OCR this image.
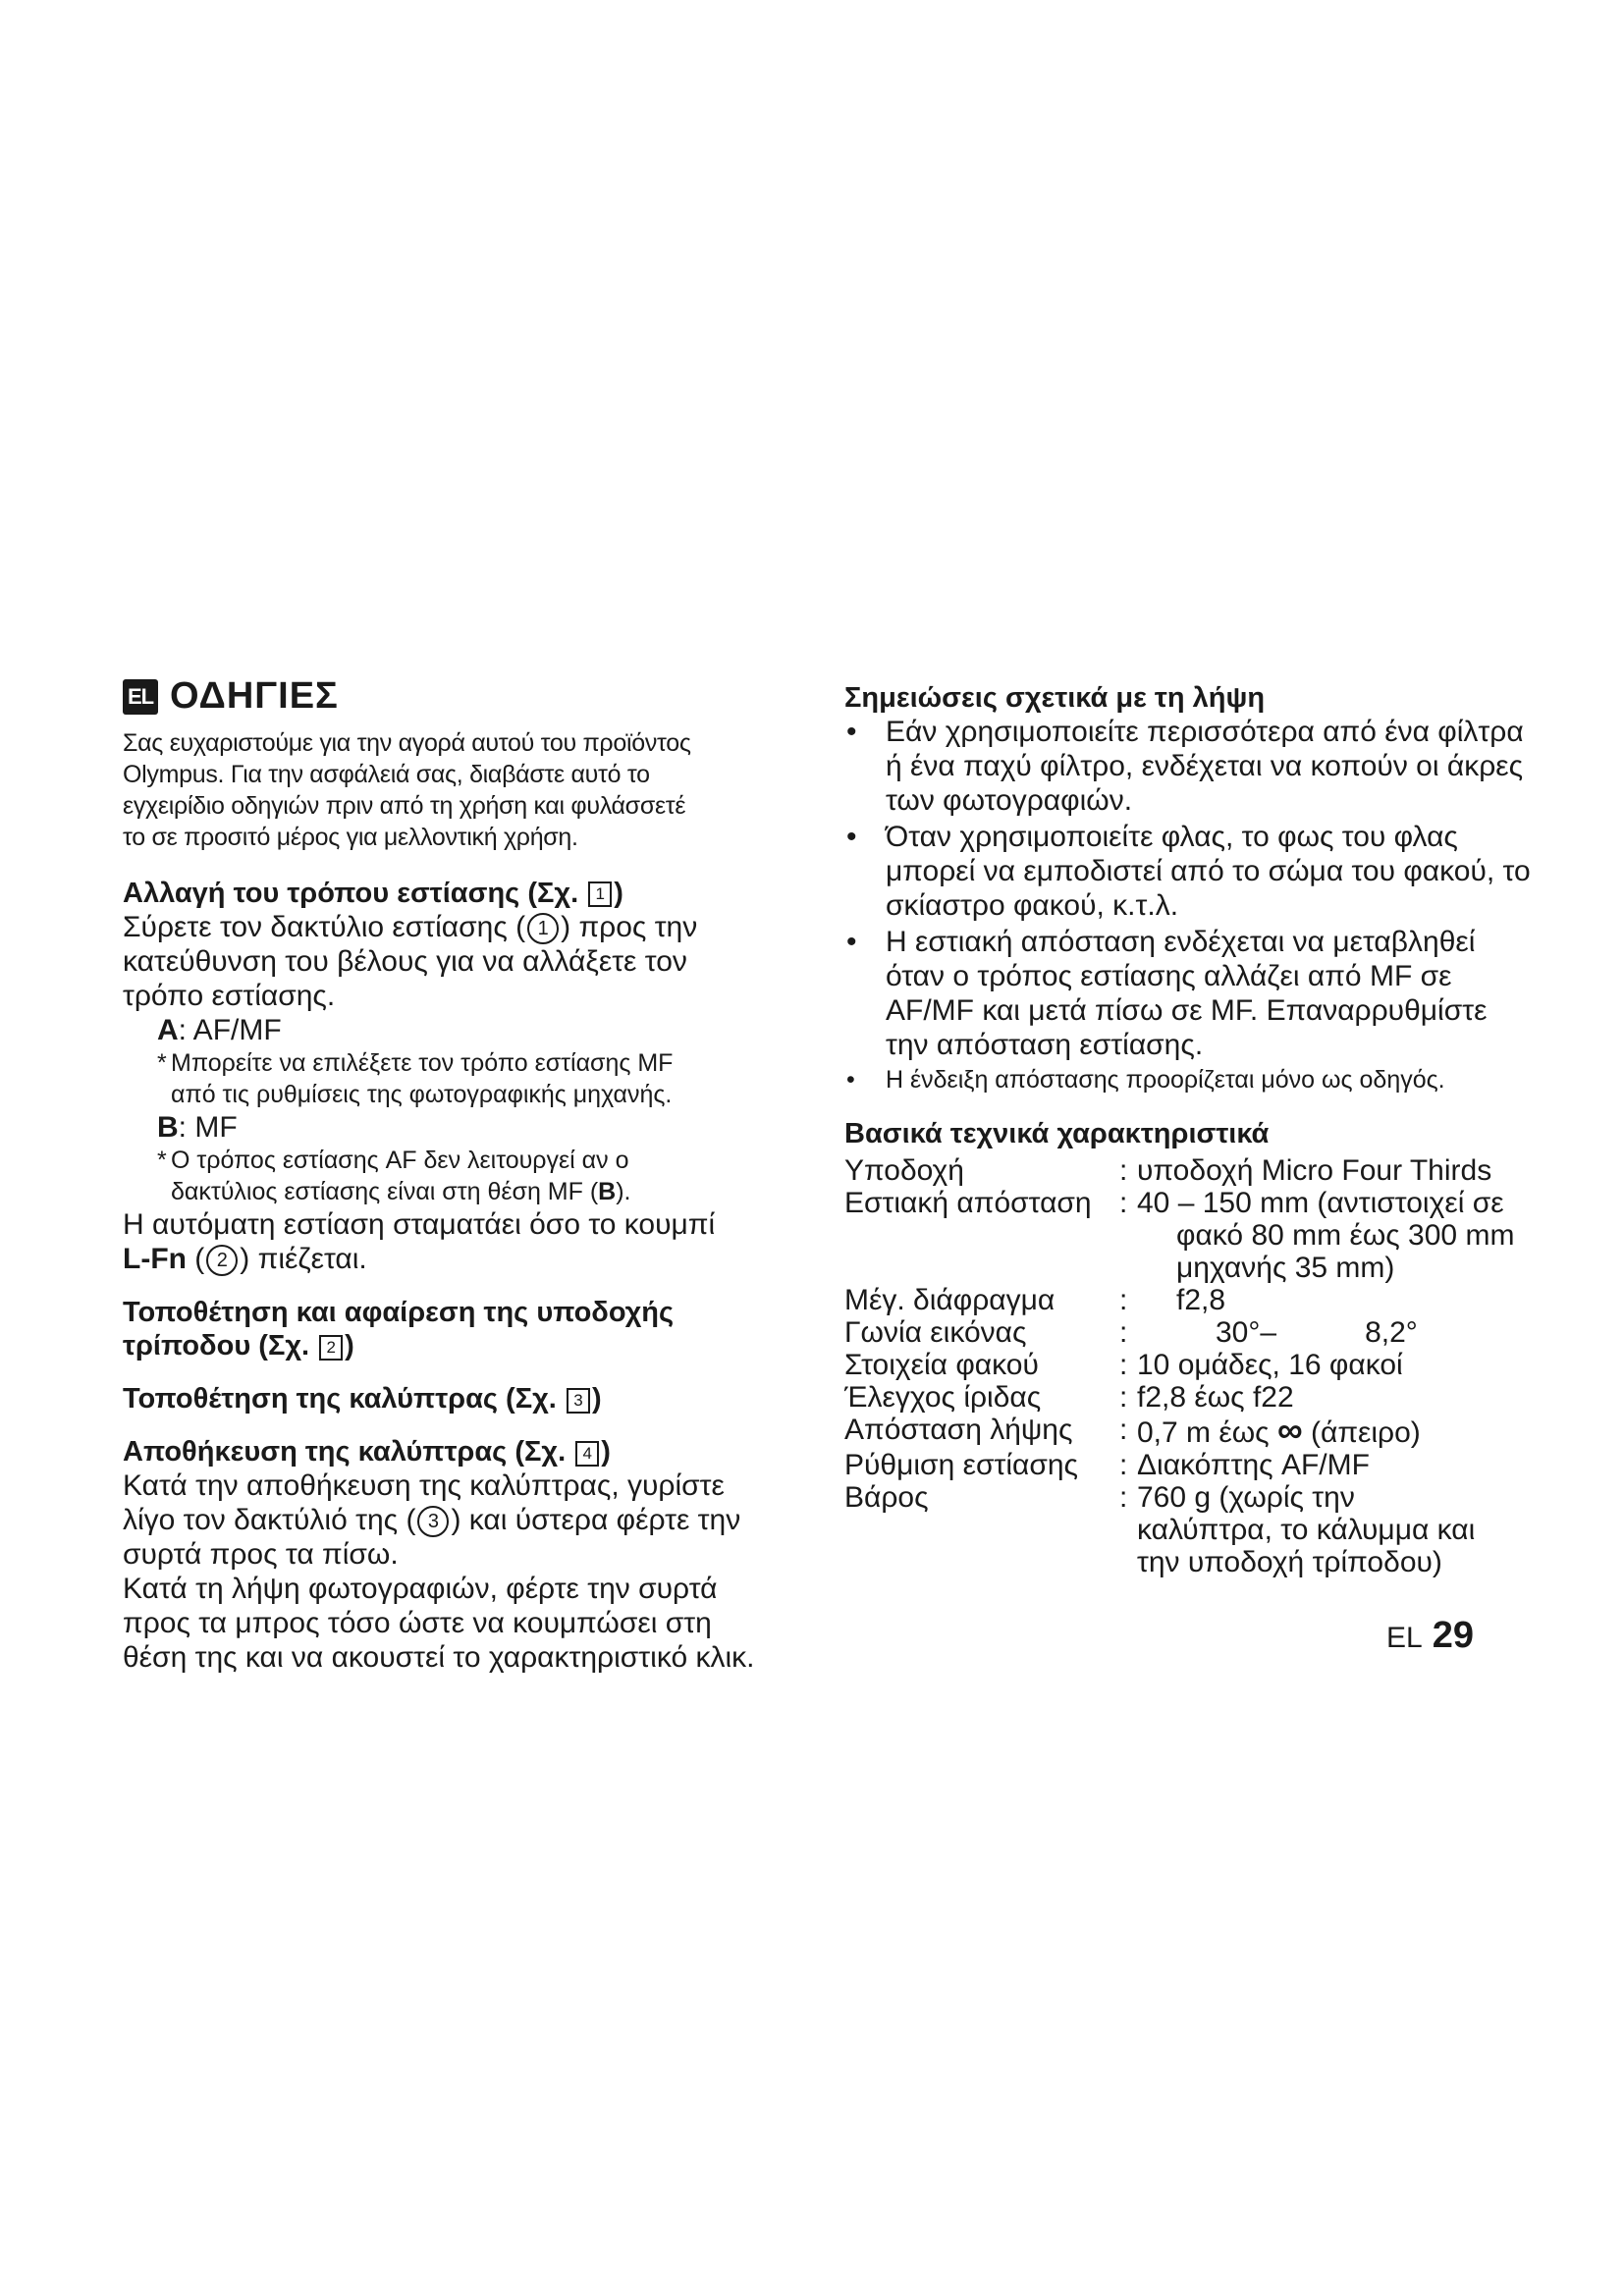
EL ΟΔΗΓΙΕΣ
Σας ευχαριστούμε για την αγορά αυτού του προϊόντος
Olympus. Για την ασφάλειά σας, διαβάστε αυτό το
εγχειρίδιο οδηγιών πριν από τη χρήση και φυλάσσετέ
το σε προσιτό μέρος για μελλοντική χρήση.
Αλλαγή του τρόπου εστίασης (Σχ. 1 )
Σύρετε τον δακτύλιο εστίασης ( 1 ) προς την
κατεύθυνση του βέλους για να αλλάξετε τον
τρόπο εστίασης.
A: AF/MF
* Μπορείτε να επιλέξετε τον τρόπο εστίασης MF
από τις ρυθμίσεις της φωτογραφικής μηχανής.
B: MF
* Ο τρόπος εστίασης AF δεν λειτουργεί αν ο
δακτύλιος εστίασης είναι στη θέση MF (B).
Η αυτόματη εστίαση σταματάει όσο το κουμπί
L-Fn ( 2 ) πιέζεται.
Τοποθέτηση και αφαίρεση της υποδοχής
τρίποδου (Σχ. 2 )
Τοποθέτηση της καλύπτρας (Σχ. 3 )
Αποθήκευση της καλύπτρας (Σχ. 4 )
Κατά την αποθήκευση της καλύπτρας, γυρίστε
λίγο τον δακτύλιό της ( 3 ) και ύστερα φέρτε την
συρτά προς τα πίσω.
Κατά τη λήψη φωτογραφιών, φέρτε την συρτά
προς τα μπρος τόσο ώστε να κουμπώσει στη
θέση της και να ακουστεί το χαρακτηριστικό κλικ.
Σημειώσεις σχετικά με τη λήψη
• Εάν χρησιμοποιείτε περισσότερα από ένα φίλτρα ή ένα παχύ φίλτρο, ενδέχεται να κοπούν οι άκρες των φωτογραφιών.
• Όταν χρησιμοποιείτε φλας, το φως του φλας μπορεί να εμποδιστεί από το σώμα του φακού, το σκίαστρο φακού, κ.τ.λ.
• Η εστιακή απόσταση ενδέχεται να μεταβληθεί όταν ο τρόπος εστίασης αλλάζει από MF σε AF/MF και μετά πίσω σε MF. Επαναρρυθμίστε την απόσταση εστίασης.
• Η ένδειξη απόστασης προορίζεται μόνο ως οδηγός.
Βασικά τεχνικά χαρακτηριστικά
Υποδοχή	: υποδοχή Micro Four Thirds
Εστιακή απόσταση : 40 – 150 mm (αντιστοιχεί σε
φακό 80 mm έως 300 mm
μηχανής 35 mm)
Μέγ. διάφραγμα	:	f2,8
Γωνία εικόνας	:	30°–	8,2°
Στοιχεία φακού	: 10 ομάδες, 16 φακοί
Έλεγχος ίριδας	: f2,8 έως f22
Απόσταση λήψης	: 0,7 m έως ∞ (άπειρο)
Ρύθμιση εστίασης	: Διακόπτης AF/MF
Βάρος	: 760 g (χωρίς την
καλύπτρα, το κάλυμμα και
την υποδοχή τρίποδου)
EL 29
